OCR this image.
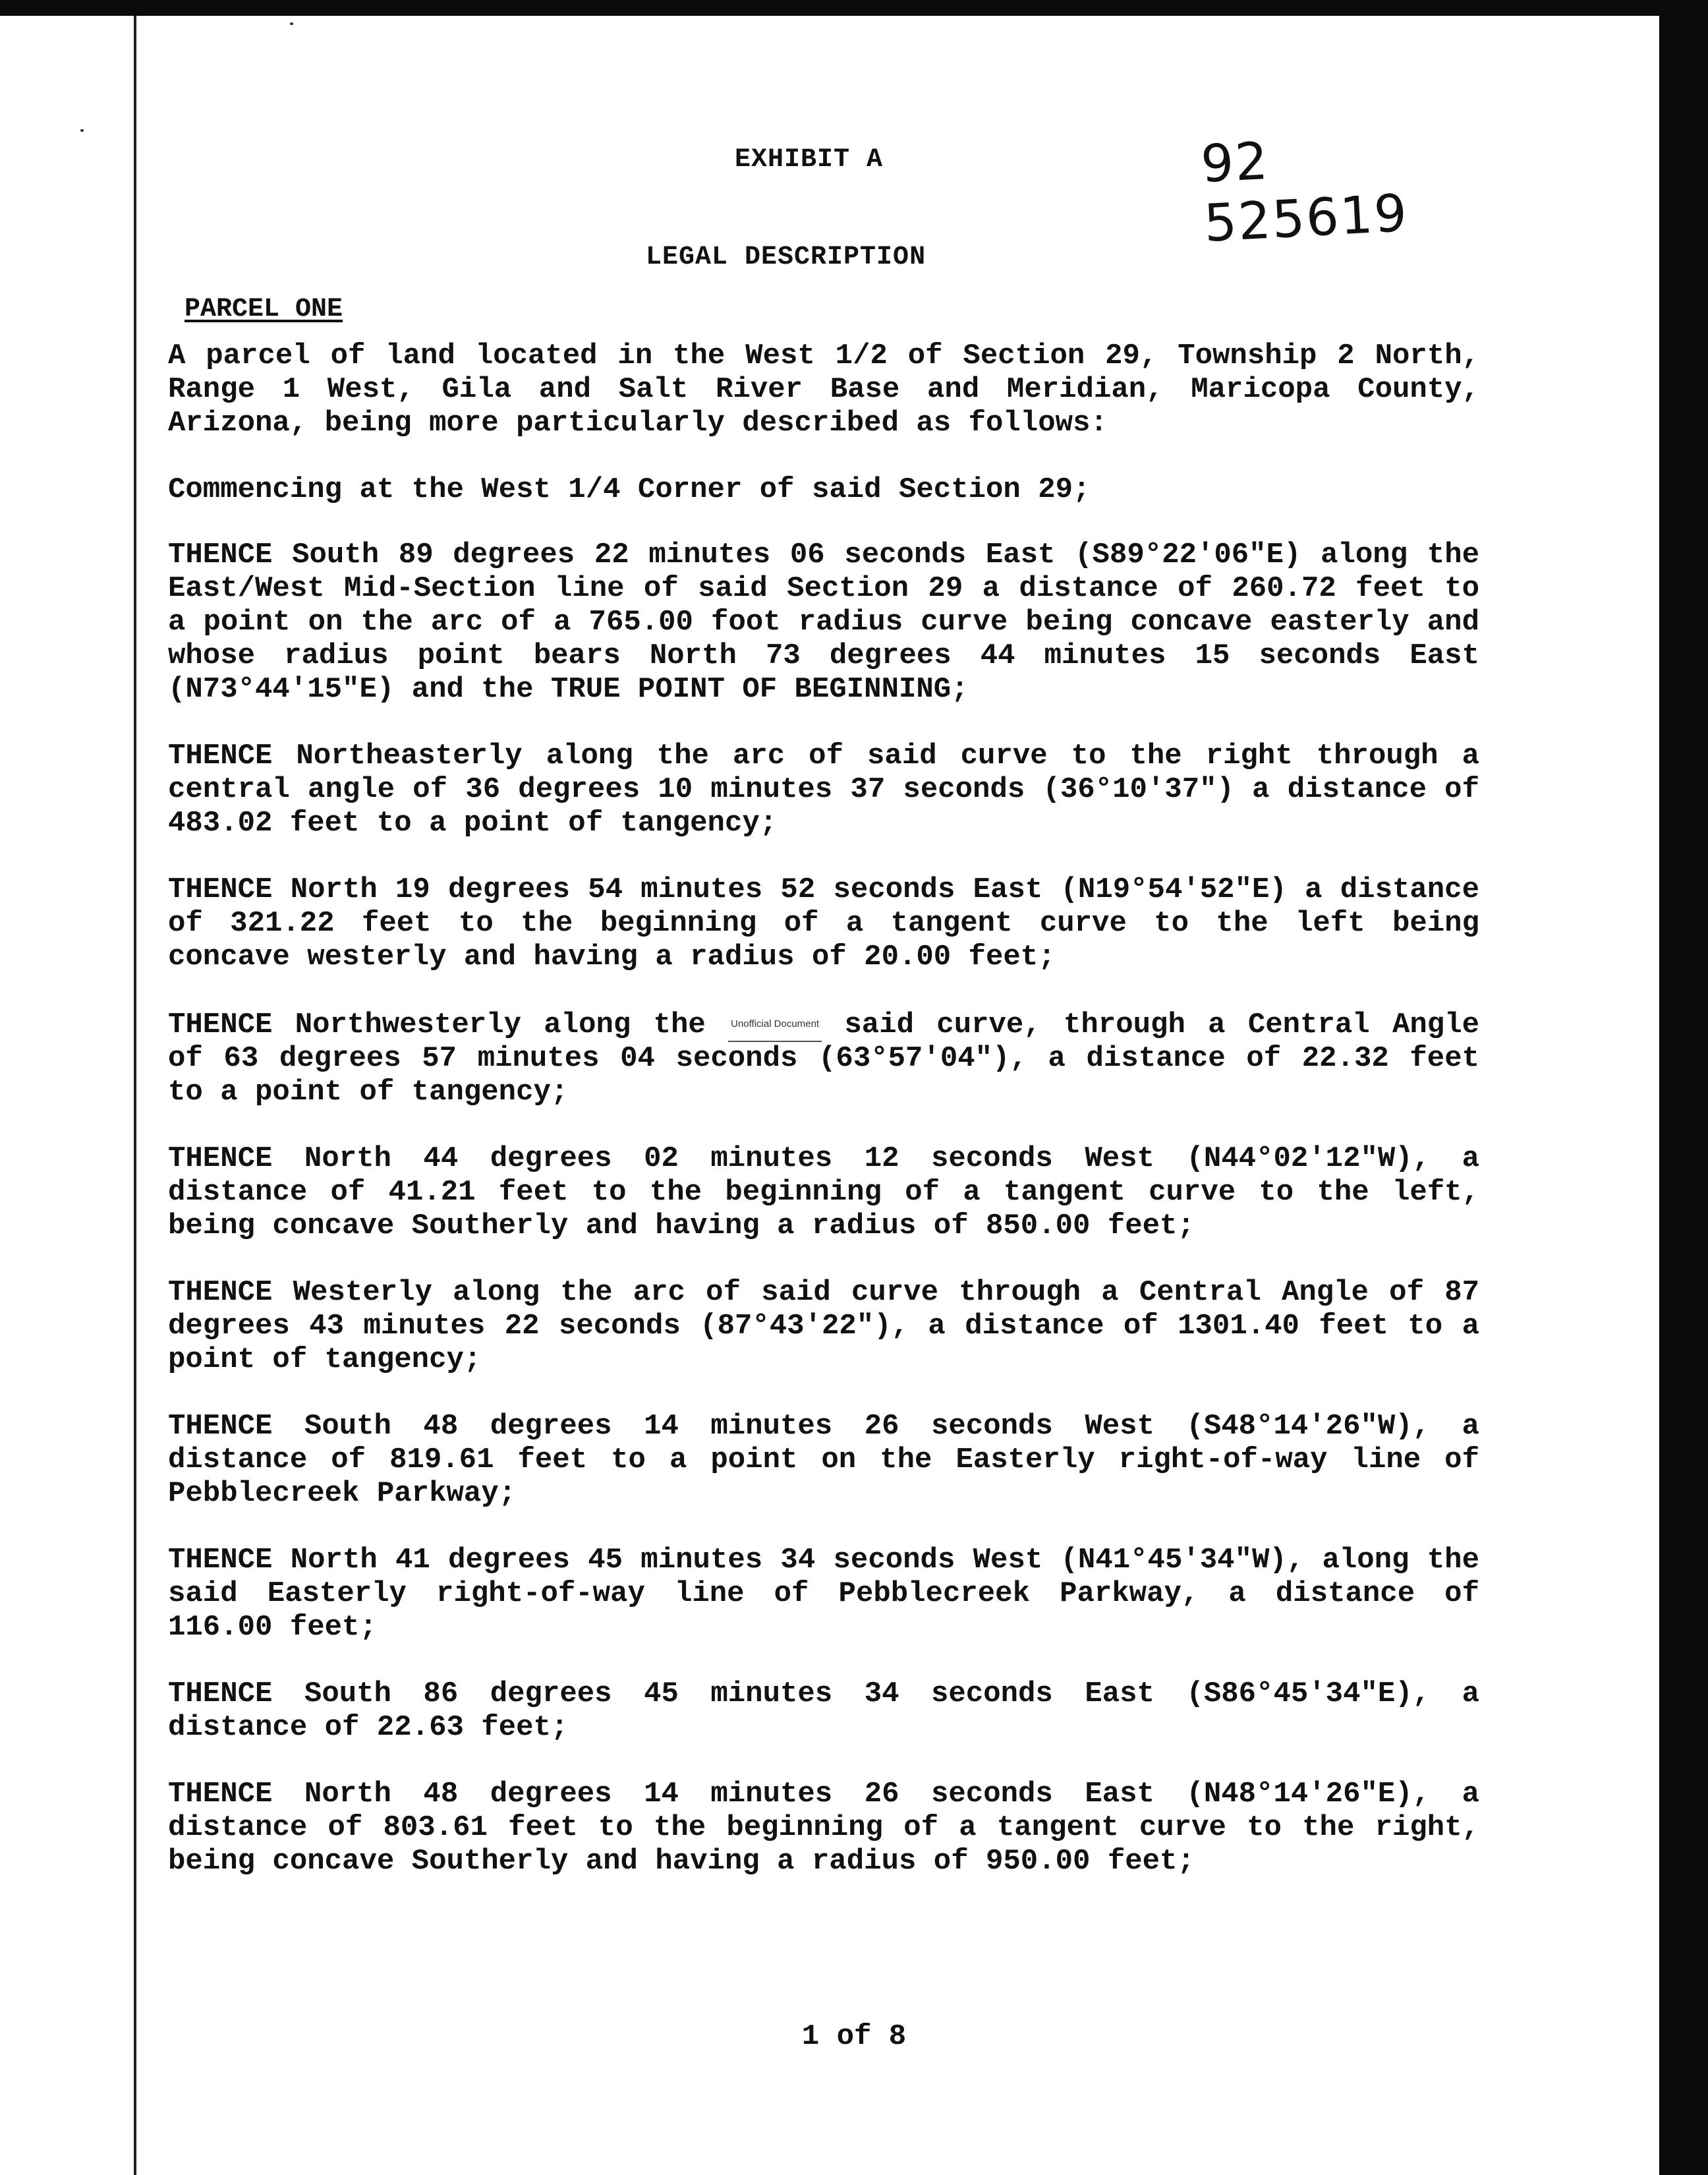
EXHIBIT A	92 525619
LEGAL DESCRIPTION
PARCEL ONE

A parcel of land located in the West 1/2 of Section 29, Township 2 North, Range 1 West, Gila and Salt River Base and Meridian, Maricopa County, Arizona, being more particularly described as follows:

Commencing at the West 1/4 Corner of said Section 29;

THENCE South 89 degrees 22 minutes 06 seconds East (S89°22'06"E) along the East/West Mid-Section line of said Section 29 a distance of 260.72 feet to a point on the arc of a 765.00 foot radius curve being concave easterly and whose radius point bears North 73 degrees 44 minutes 15 seconds East (N73°44'15"E) and the TRUE POINT OF BEGINNING;

THENCE Northeasterly along the arc of said curve to the right through a central angle of 36 degrees 10 minutes 37 seconds (36°10'37") a distance of 483.02 feet to a point of tangency;

THENCE North 19 degrees 54 minutes 52 seconds East (N19°54'52"E) a distance of 321.22 feet to the beginning of a tangent curve to the left being concave westerly and having a radius of 20.00 feet;

THENCE Northwesterly along the	Unofficial Document said curve, through a Central Angle of 63 degrees 57 minutes 04 seconds (63°57'04"), a distance of 22.32 feet to a point of tangency;

THENCE North 44 degrees 02 minutes 12 seconds West (N44°02'12"W), a distance of 41.21 feet to the beginning of a tangent curve to the left, being concave Southerly and having a radius of 850.00 feet;

THENCE Westerly along the arc of said curve through a Central Angle of 87 degrees 43 minutes 22 seconds (87°43'22"), a distance of 1301.40 feet to a point of tangency;

THENCE South 48 degrees 14 minutes 26 seconds West (S48°14'26"W), a distance of 819.61 feet to a point on the Easterly right-of-way line of Pebblecreek Parkway;

THENCE North 41 degrees 45 minutes 34 seconds West (N41°45'34"W), along the said Easterly right-of-way line of Pebblecreek Parkway, a distance of 116.00 feet;

THENCE South 86 degrees 45 minutes 34 seconds East (S86°45'34"E), a distance of 22.63 feet;

THENCE North 48 degrees 14 minutes 26 seconds East (N48°14'26"E), a distance of 803.61 feet to the beginning of a tangent curve to the right, being concave Southerly and having a radius of 950.00 feet;

1 of 8
